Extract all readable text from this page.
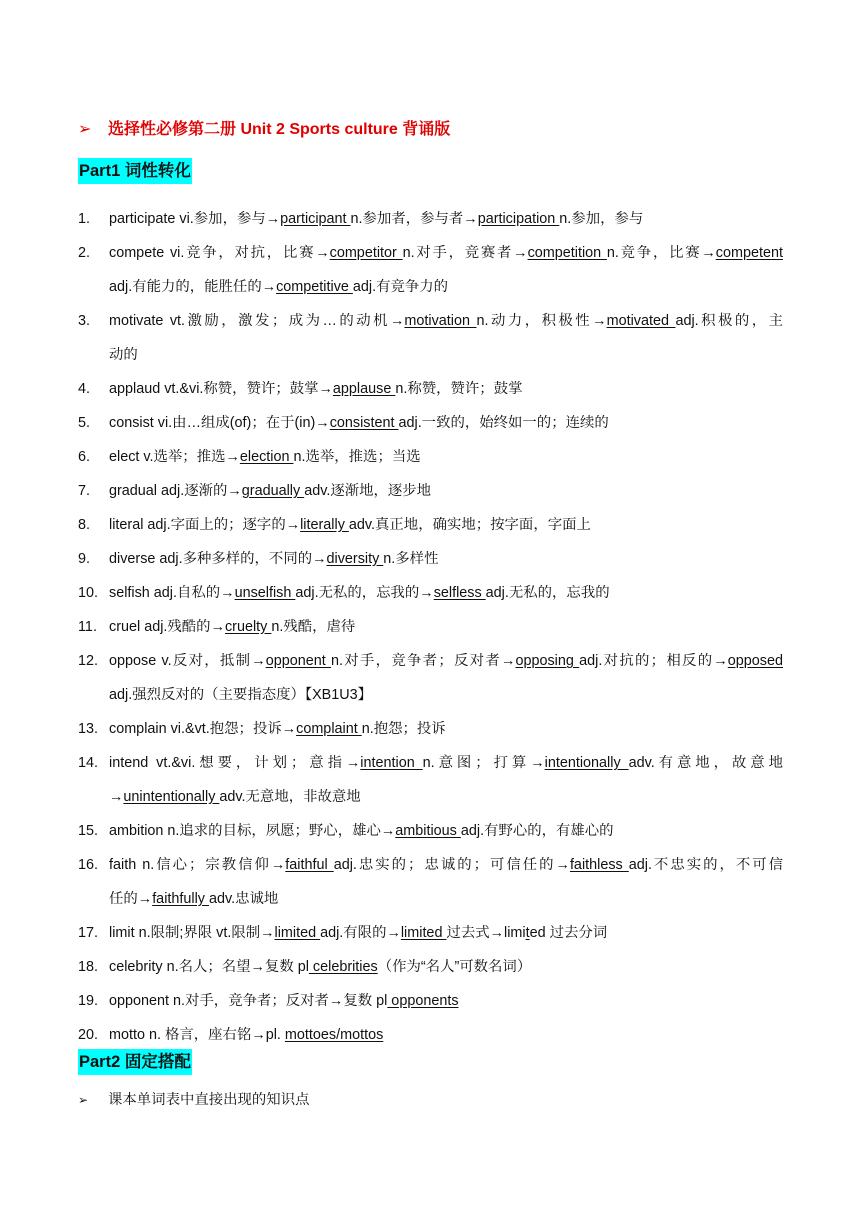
➢ 选择性必修第二册 Unit 2 Sports culture 背诵版
Part1 词性转化
1. participate vi.参加，参与→participant n.参加者，参与者→participation n.参加，参与
2. compete vi.竞争，对抗，比赛→competitor n.对手，竞赛者→competition n.竞争，比赛→competent
adj.有能力的，能胜任的→competitive adj.有竞争力的
3. motivate vt.激励，激发；成为…的动机→motivation n.动力，积极性→motivated adj.积极的，主
动的
4. applaud vt.&vi.称赞，赞许；鼓掌→applause n.称赞，赞许；鼓掌
5. consist vi.由…组成(of)；在于(in)→consistent adj.一致的，始终如一的；连续的
6. elect v.选举；推选→election n.选举，推选；当选
7. gradual adj.逐渐的→gradually adv.逐渐地，逐步地
8. literal adj.字面上的；逐字的→literally adv.真正地，确实地；按字面，字面上
9. diverse adj.多种多样的，不同的→diversity n.多样性
10. selfish adj.自私的→unselfish adj.无私的，忘我的→selfless adj.无私的，忘我的
11. cruel adj.残酷的→cruelty n.残酷，虐待
12. oppose v.反对，抵制→opponent n.对手，竞争者；反对者→opposing adj.对抗的；相反的→opposed
adj.强烈反对的（主要指态度）【XB1U3】
13. complain vi.&vt.抱怨；投诉→complaint n.抱怨；投诉
14. intend vt.&vi.想要，计划；意指→intention n.意图；打算→intentionally adv.有意地，故意地
→unintentionally adv.无意地，非故意地
15. ambition n.追求的目标，夙愿；野心，雄心→ambitious adj.有野心的，有雄心的
16. faith n.信心；宗教信仰→faithful adj.忠实的；忠诚的；可信任的→faithless adj.不忠实的，不可信
任的→faithfully adv.忠诚地
17. limit n.限制;界限 vt.限制→limited adj.有限的→limited 过去式→limited 过去分词
18. celebrity n.名人；名望→复数 pl celebrities（作为“名人”可数名词）
19. opponent n.对手，竞争者；反对者→复数 pl opponents
20. motto n. 格言，座右铭→pl. mottoes/mottos
Part2 固定搭配
➢ 课本单词表中直接出现的知识点
